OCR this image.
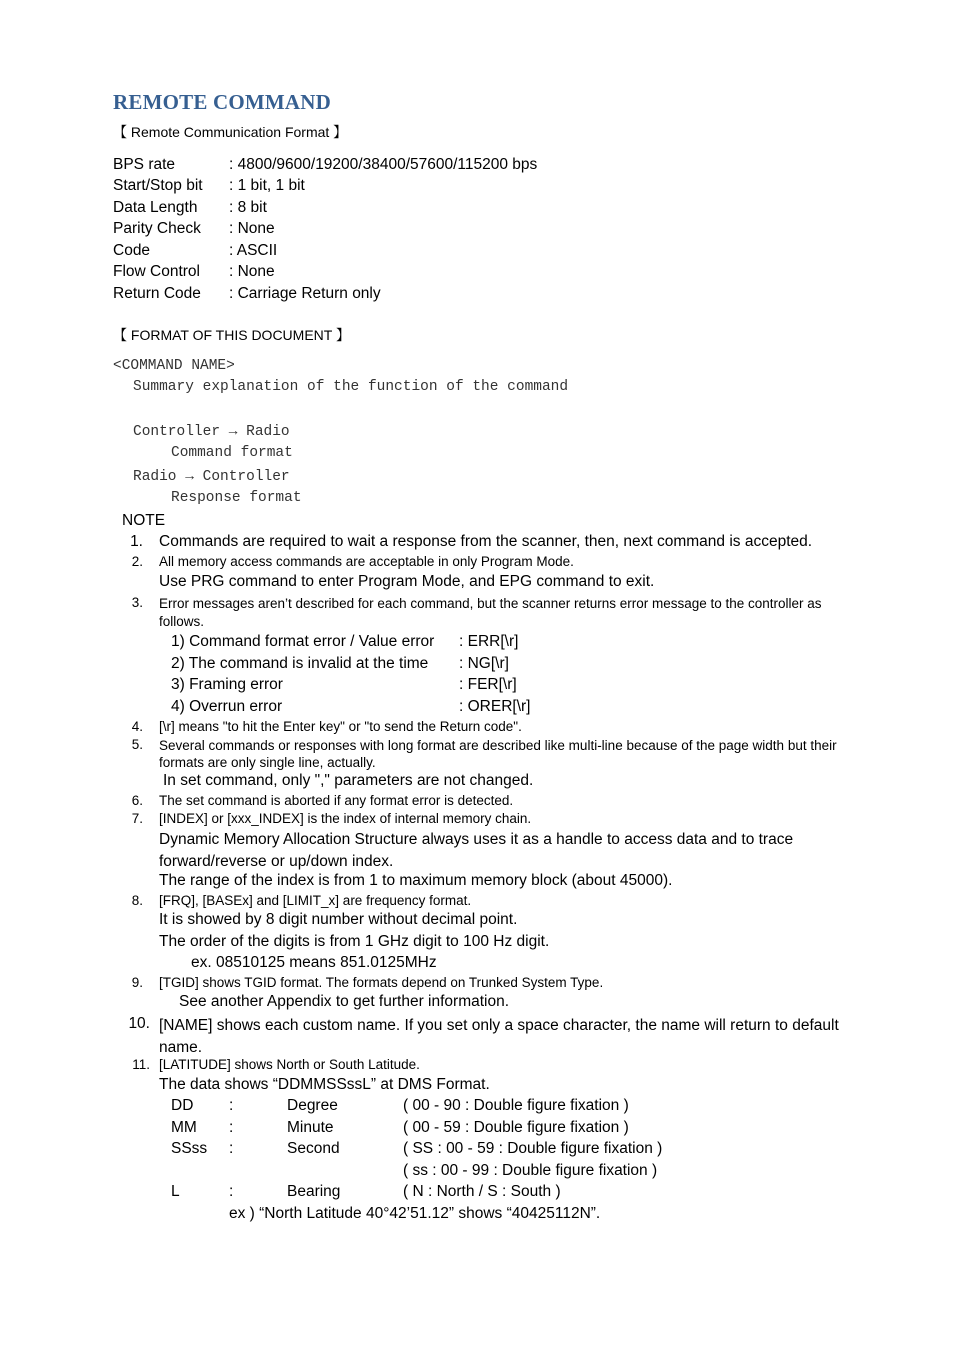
REMOTE COMMAND
【 Remote Communication Format 】
BPS rate	: 4800/9600/19200/38400/57600/115200 bps
Start/Stop bit : 1 bit, 1 bit
Data Length : 8 bit
Parity Check : None
Code	: ASCII
Flow Control : None
Return Code : Carriage Return only
【 FORMAT OF THIS DOCUMENT 】
<COMMAND NAME>
Summary explanation of the function of the command
Controller → Radio
Command format
Radio → Controller
Response format
NOTE
1. Commands are required to wait a response from the scanner, then, next command is accepted.
2. All memory access commands are acceptable in only Program Mode.
Use PRG command to enter Program Mode, and EPG command to exit.
3. Error messages aren’t described for each command, but the scanner returns error message to the controller as follows.
1) Command format error / Value error : ERR[\r]
2) The command is invalid at the time : NG[\r]
3) Framing error	: FER[\r]
4) Overrun error	: ORER[\r]
4. [\r] means "to hit the Enter key" or "to send the Return code".
5. Several commands or responses with long format are described like multi-line because of the page width but their formats are only single line, actually.
In set command, only "," parameters are not changed.
6. The set command is aborted if any format error is detected.
7. [INDEX] or [xxx_INDEX] is the index of internal memory chain.
Dynamic Memory Allocation Structure always uses it as a handle to access data and to trace forward/reverse or up/down index.
The range of the index is from 1 to maximum memory block (about 45000).
8. [FRQ], [BASEx] and [LIMIT_x] are frequency format.
It is showed by 8 digit number without decimal point.
The order of the digits is from 1 GHz digit to 100 Hz digit.
ex. 08510125 means 851.0125MHz
9. [TGID] shows TGID format. The formats depend on Trunked System Type.
See another Appendix to get further information.
10. [NAME] shows each custom name. If you set only a space character, the name will return to default name.
11. [LATITUDE] shows North or South Latitude.
The data shows “DDMMSSssL” at DMS Format.
DD :	Degree	( 00 - 90 : Double figure fixation )
MM :	Minute	( 00 - 59 : Double figure fixation )
SSss :	Second	( SS : 00 - 59 : Double figure fixation )
( ss : 00 - 99 : Double figure fixation )
L	:	Bearing	( N : North / S : South )
ex ) “North Latitude 40°42’51.12” shows “40425112N”.
